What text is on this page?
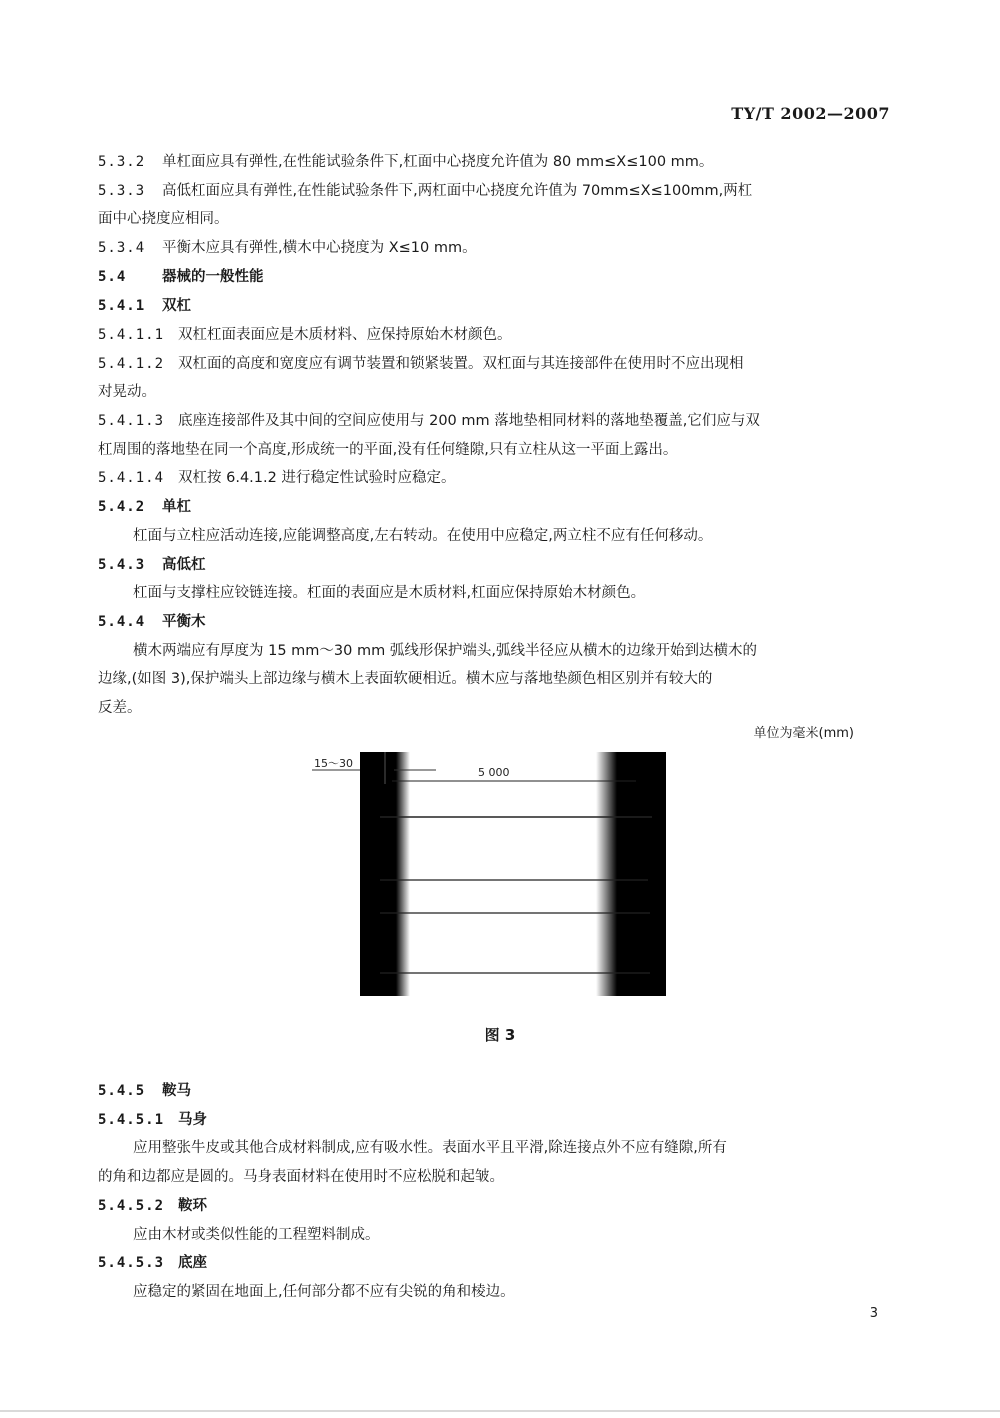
TY/T 2002—2007
5.3.2 单杠面应具有弹性,在性能试验条件下,杠面中心挠度允许值为 80 mm≤X≤100 mm。
5.3.3 高低杠面应具有弹性,在性能试验条件下,两杠面中心挠度允许值为 70mm≤X≤100mm,两杠
面中心挠度应相同。
5.3.4 平衡木应具有弹性,横木中心挠度为 X≤10 mm。
5.4 器械的一般性能
5.4.1 双杠
5.4.1.1 双杠杠面表面应是木质材料、应保持原始木材颜色。
5.4.1.2 双杠面的高度和宽度应有调节装置和锁紧装置。双杠面与其连接部件在使用时不应出现相
对晃动。
5.4.1.3 底座连接部件及其中间的空间应使用与 200 mm 落地垫相同材料的落地垫覆盖,它们应与双
杠周围的落地垫在同一个高度,形成统一的平面,没有任何缝隙,只有立柱从这一平面上露出。
5.4.1.4 双杠按 6.4.1.2 进行稳定性试验时应稳定。
5.4.2 单杠
杠面与立柱应活动连接,应能调整高度,左右转动。在使用中应稳定,两立柱不应有任何移动。
5.4.3 高低杠
杠面与支撑柱应铰链连接。杠面的表面应是木质材料,杠面应保持原始木材颜色。
5.4.4 平衡木
横木两端应有厚度为 15 mm～30 mm 弧线形保护端头,弧线半径应从横木的边缘开始到达横木的
边缘,(如图 3),保护端头上部边缘与横木上表面软硬相近。横木应与落地垫颜色相区别并有较大的
反差。
单位为毫米(mm)
15～30
5 000
图 3
5.4.5 鞍马
5.4.5.1 马身
应用整张牛皮或其他合成材料制成,应有吸水性。表面水平且平滑,除连接点外不应有缝隙,所有
的角和边都应是圆的。马身表面材料在使用时不应松脱和起皱。
5.4.5.2 鞍环
应由木材或类似性能的工程塑料制成。
5.4.5.3 底座
应稳定的紧固在地面上,任何部分都不应有尖锐的角和棱边。
3
